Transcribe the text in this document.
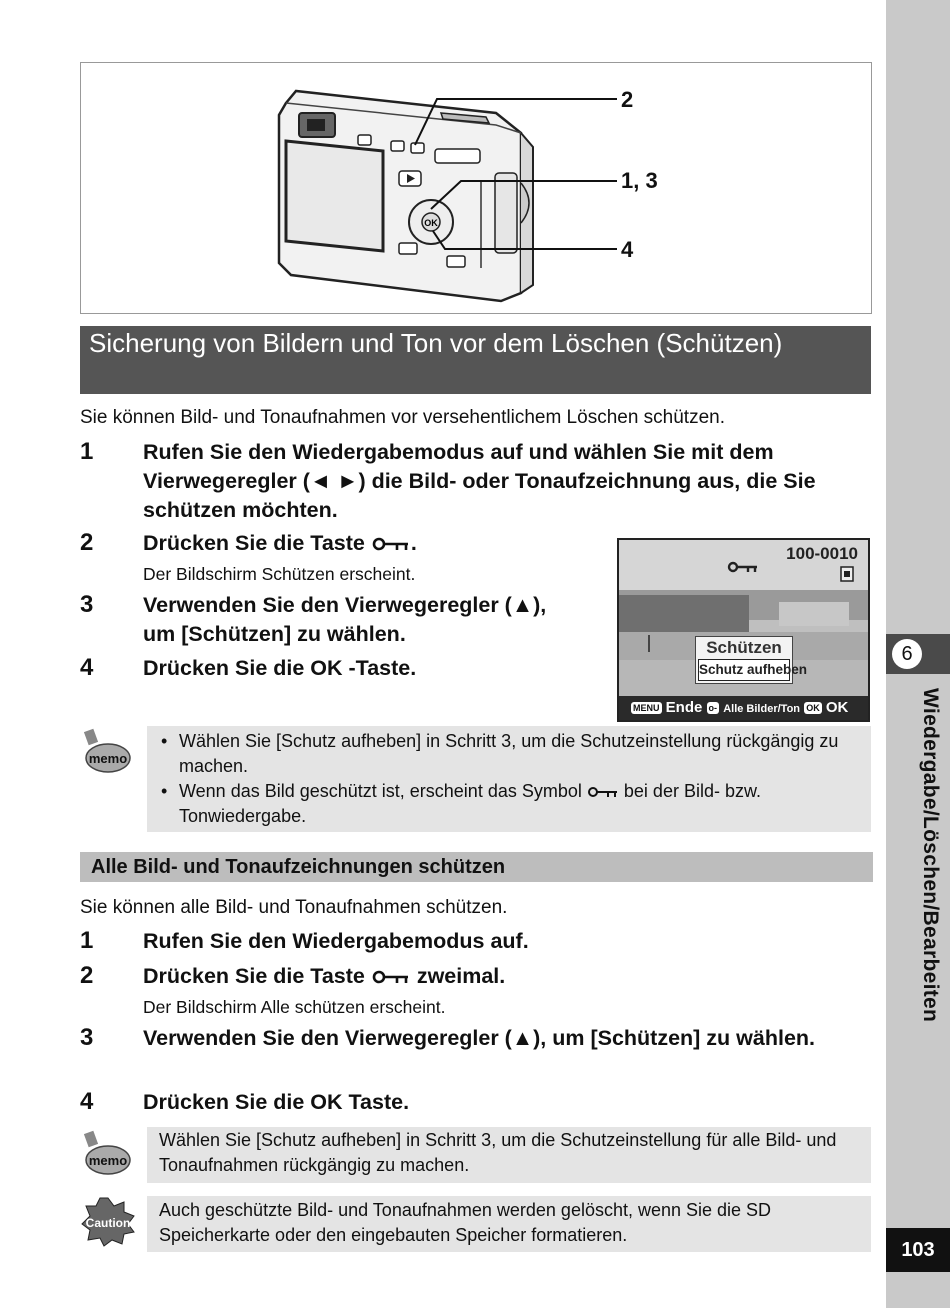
6
Wiedergabe/Löschen/Bearbeiten
103
OK
2
1, 3
4
Sicherung von Bildern und Ton vor dem Löschen (Schützen)
Sie können Bild- und Tonaufnahmen vor versehentlichem Löschen schützen.
1 Rufen Sie den Wiedergabemodus auf und wählen Sie mit dem Vierwegeregler (◄ ►) die Bild- oder Tonaufzeichnung aus, die Sie schützen möchten.
2 Drücken Sie die Taste .
Der Bildschirm Schützen erscheint.
3 Verwenden Sie den Vierwegeregler (▲), um [Schützen] zu wählen.
4 Drücken Sie die OK -Taste.
100-0010
Schützen
Schutz aufheben
MENU Ende o- Alle Bilder/Ton OK OK
memo
• Wählen Sie [Schutz aufheben] in Schritt 3, um die Schutzeinstellung rückgängig zu machen.
• Wenn das Bild geschützt ist, erscheint das Symbol bei der Bild- bzw. Tonwiedergabe.
Alle Bild- und Tonaufzeichnungen schützen
Sie können alle Bild- und Tonaufnahmen schützen.
1 Rufen Sie den Wiedergabemodus auf.
2 Drücken Sie die Taste zweimal.
Der Bildschirm Alle schützen erscheint.
3 Verwenden Sie den Vierwegeregler (▲), um [Schützen] zu wählen.
4 Drücken Sie die OK Taste.
memo
Wählen Sie [Schutz aufheben] in Schritt 3, um die Schutzeinstellung für alle Bild- und Tonaufnahmen rückgängig zu machen.
Caution
Auch geschützte Bild- und Tonaufnahmen werden gelöscht, wenn Sie die SD Speicherkarte oder den eingebauten Speicher formatieren.
